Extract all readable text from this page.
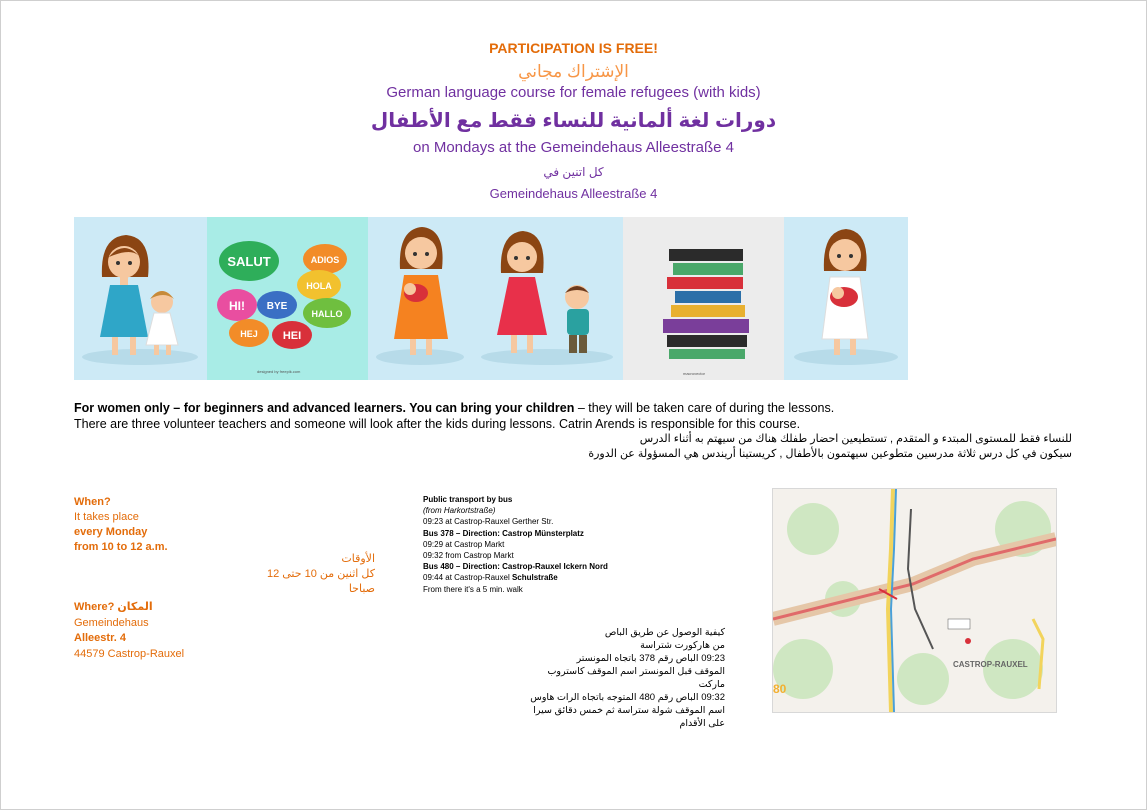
PARTICIPATION IS FREE!
الإشتراك مجاني
German language course for female refugees (with kids)
دورات لغة ألمانية للنساء فقط مع الأطفال
on Mondays at the Gemeindehaus Alleestraße 4
كل اتنين في
Gemeindehaus Alleestraße 4
SALUT	ADIOS
HI! BYE
HOLA
HALLO
HEJ HEI
designed by freepik.com	macrovector
For women only – for beginners and advanced learners. You can bring your children – they will be taken care of during the lessons.
There are three volunteer teachers and someone will look after the kids during lessons. Catrin Arends is responsible for this course.
للنساء فقط للمستوى المبتدء و المتقدم , تستطيعين احضار طفلك هناك من سيهتم به أثناء الدرس
سيكون في كل درس ثلاثة مدرسين متطوعين سيهتمون بالأطفال , كريستينا أريندس هي المسؤولة عن الدورة
When?
It takes place
every Monday
from 10 to 12 a.m.
الأوقات
كل اثنين من 10 حتى 12 صباحا
Where? المكان
Gemeindehaus
Alleestr. 4
44579 Castrop-Rauxel
Public transport by bus
(from Harkortstraße)
09:23 at Castrop-Rauxel Gerther Str.
Bus 378 – Direction: Castrop Münsterplatz
09:29 at Castrop Markt
09:32 from Castrop Markt
Bus 480 – Direction: Castrop-Rauxel Ickern Nord
09:44 at Castrop-Rauxel Schulstraße
From there it's a 5 min. walk
كيفية الوصول عن طريق الباص
من هاركورت شتراسة
09:23 الباص رقم 378 باتجاه المونستر
الموقف قبل المونستر اسم الموقف كاستروب ماركت
09:32 الباص رقم 480 المتوجه باتجاه الرات هاوس
اسم الموقف شولة ستراسة ثم خمس دقائق سيرا على الأقدام
CASTROP-RAUXEL
80
